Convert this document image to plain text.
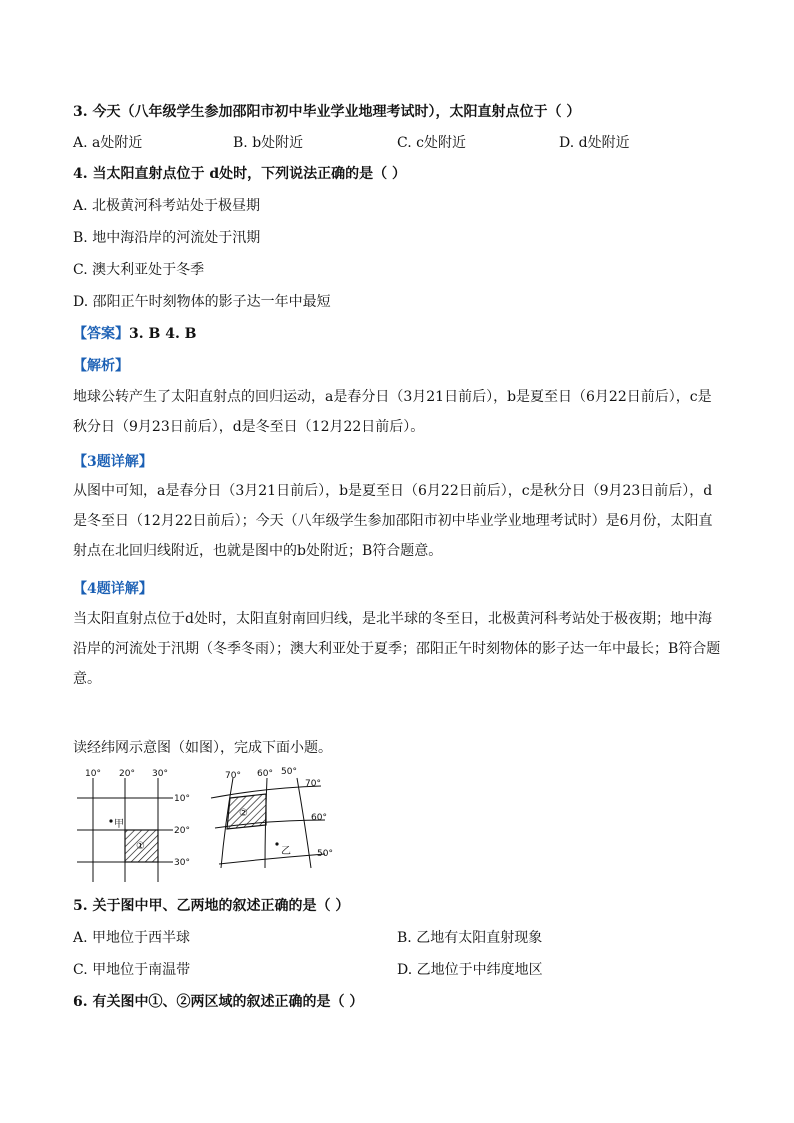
3. 今天（八年级学生参加邵阳市初中毕业学业地理考试时），太阳直射点位于（ ）
A. a处附近	B. b处附近	C. c处附近	D. d处附近
4. 当太阳直射点位于 d处时，下列说法正确的是（ ）
A. 北极黄河科考站处于极昼期
B. 地中海沿岸的河流处于汛期
C. 澳大利亚处于冬季
D. 邵阳正午时刻物体的影子达一年中最短
【答案】3. B 4. B
【解析】
地球公转产生了太阳直射点的回归运动，a是春分日（3月21日前后），b是夏至日（6月22日前后），c是秋分日（9月23日前后），d是冬至日（12月22日前后）。
【3题详解】
从图中可知，a是春分日（3月21日前后），b是夏至日（6月22日前后），c是秋分日（9月23日前后），d是冬至日（12月22日前后）；今天（八年级学生参加邵阳市初中毕业学业地理考试时）是6月份，太阳直射点在北回归线附近，也就是图中的b处附近；B符合题意。
【4题详解】
当太阳直射点位于d处时，太阳直射南回归线，是北半球的冬至日，北极黄河科考站处于极夜期；地中海沿岸的河流处于汛期（冬季冬雨）；澳大利亚处于夏季；邵阳正午时刻物体的影子达一年中最长；B符合题意。
读经纬网示意图（如图），完成下面小题。
10° 20° 30°
10°
20°
30°
甲
①
70° 60° 50°
70°
60°
50°
②
乙
5. 关于图中甲、乙两地的叙述正确的是（ ）
A. 甲地位于西半球	B. 乙地有太阳直射现象
C. 甲地位于南温带	D. 乙地位于中纬度地区
6. 有关图中①、②两区域的叙述正确的是（ ）
